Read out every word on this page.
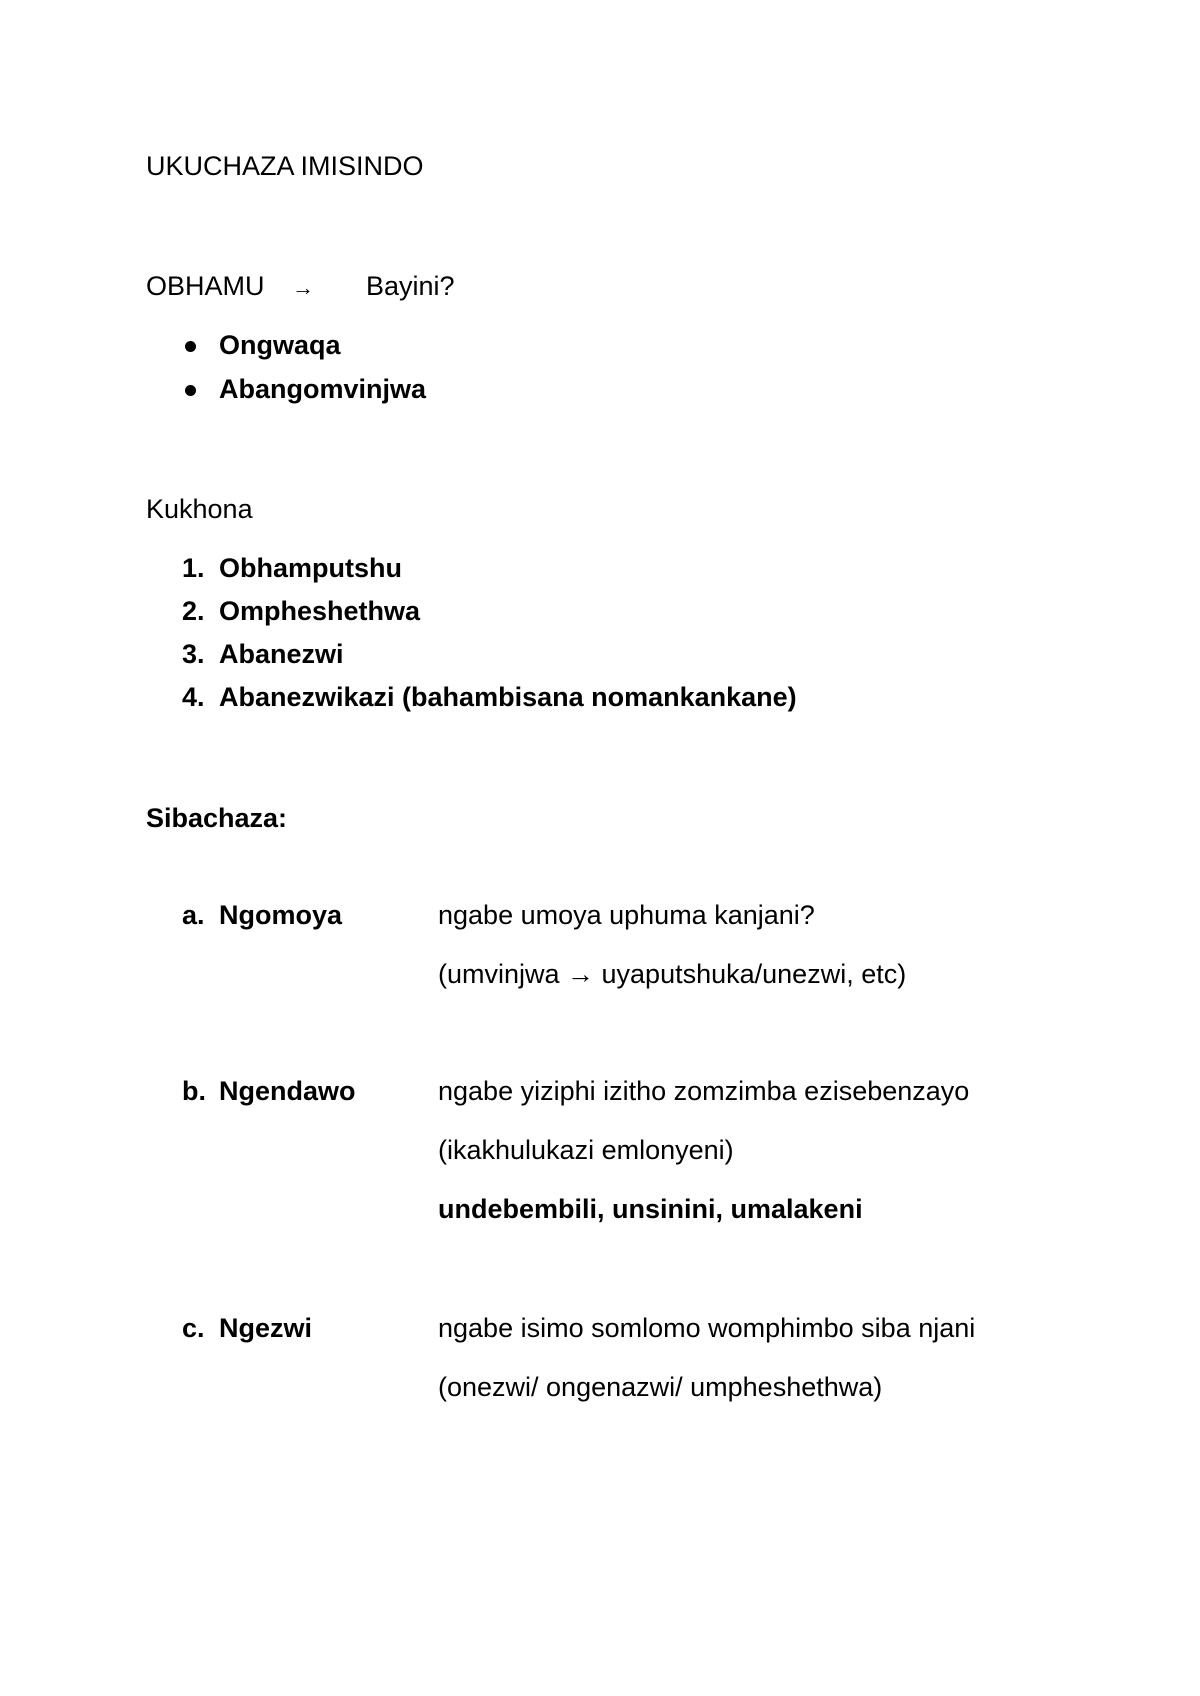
UKUCHAZA IMISINDO
OBHAMU → Bayini?
Ongwaqa
Abangomvinjwa
Kukhona
1. Obhamputshu
2. Ompheshethwa
3. Abanezwi
4. Abanezwikazi (bahambisana nomankankane)
Sibachaza:
a. Ngomoya	ngabe umoya uphuma kanjani?
(umvinjwa → uyaputshuka/unezwi, etc)
b. Ngendawo	ngabe yiziphi izitho zomzimba ezisebenzayo
(ikakhulukazi emlonyeni)
undebembili, unsinini, umalakeni
c. Ngezwi	ngabe isimo somlomo womphimbo siba njani
(onezwi/ ongenazwi/ umpheshethwa)
